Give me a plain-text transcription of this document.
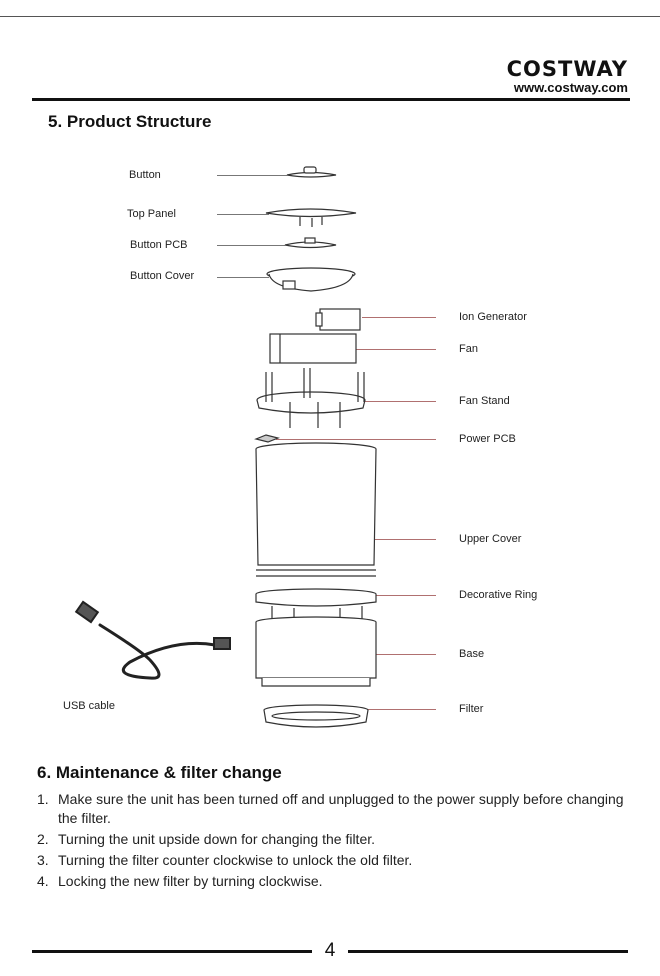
COSTWAY
www.costway.com
5. Product Structure
Button
Top Panel
Button PCB
Button Cover
Ion Generator
Fan
Fan Stand
Power PCB
Upper Cover
Decorative Ring
Base
Filter
USB cable
6. Maintenance & filter change
1. Make sure the unit has been turned off and unplugged to the power supply before changing the filter.
2. Turning the unit upside down for changing the filter.
3. Turning the filter counter clockwise to unlock the old filter.
4. Locking the new filter by turning clockwise.
4
